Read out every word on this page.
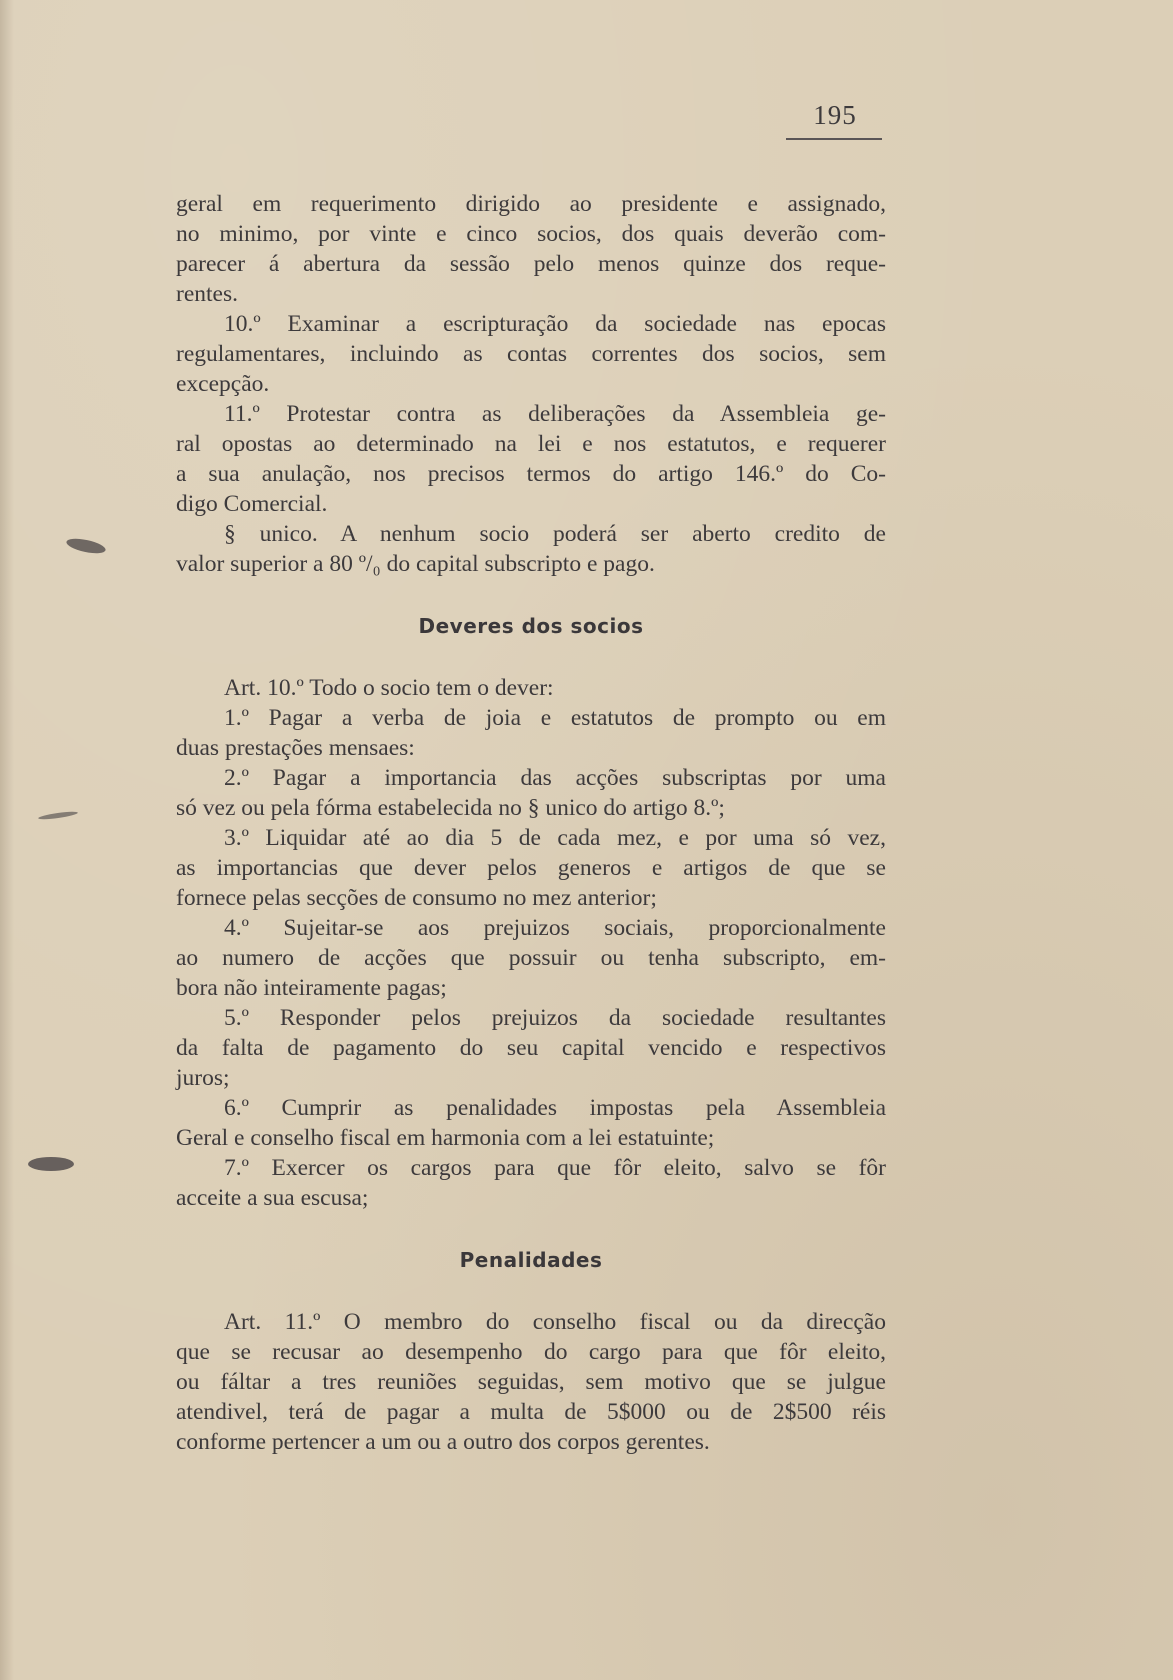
195
geral em requerimento dirigido ao presidente e assignado,
no minimo, por vinte e cinco socios, dos quais deverão com-
parecer á abertura da sessão pelo menos quinze dos reque-
rentes.
10.º Examinar a escripturação da sociedade nas epocas
regulamentares, incluindo as contas correntes dos socios, sem
excepção.
11.º Protestar contra as deliberações da Assembleia ge-
ral opostas ao determinado na lei e nos estatutos, e requerer
a sua anulação, nos precisos termos do artigo 146.º do Co-
digo Comercial.
§ unico. A nenhum socio poderá ser aberto credito de
valor superior a 80 º/₀ do capital subscripto e pago.
Deveres dos socios
Art. 10.º Todo o socio tem o dever:
1.º Pagar a verba de joia e estatutos de prompto ou em
duas prestações mensaes:
2.º Pagar a importancia das acções subscriptas por uma
só vez ou pela fórma estabelecida no § unico do artigo 8.º;
3.º Liquidar até ao dia 5 de cada mez, e por uma só vez,
as importancias que dever pelos generos e artigos de que se
fornece pelas secções de consumo no mez anterior;
4.º Sujeitar-se aos prejuizos sociais, proporcionalmente
ao numero de acções que possuir ou tenha subscripto, em-
bora não inteiramente pagas;
5.º Responder pelos prejuizos da sociedade resultantes
da falta de pagamento do seu capital vencido e respectivos
juros;
6.º Cumprir as penalidades impostas pela Assembleia
Geral e conselho fiscal em harmonia com a lei estatuinte;
7.º Exercer os cargos para que fôr eleito, salvo se fôr
acceite a sua escusa;
Penalidades
Art. 11.º O membro do conselho fiscal ou da direcção
que se recusar ao desempenho do cargo para que fôr eleito,
ou fáltar a tres reuniões seguidas, sem motivo que se julgue
atendivel, terá de pagar a multa de 5$000 ou de 2$500 réis
conforme pertencer a um ou a outro dos corpos gerentes.
